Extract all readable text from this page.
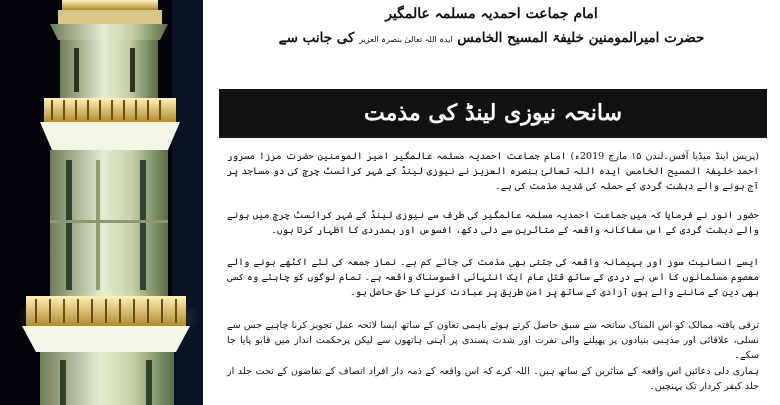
امام جماعت احمدیہ مسلمہ عالمگیر
حضرت امیرالمومنین خلیفۃ المسیح الخامس ایدہ اللہ تعالیٰ بنصرہ العزیز کی جانب سے
سانحہ نیوزی لینڈ کی مذمت

(پریس اینڈ میڈیا آفس۔لندن ۱۵ مارچ 2019ء) امام جماعت احمدیہ مسلمہ عالمگیر امیر المومنین حضرت مرزا مسرور احمد خلیفۃ المسیح الخامس ایدہ اللہ تعالیٰ بنصرہ العزیز نے نیوزی لینڈ کے شہر کرائسٹ چرچ کی دو مساجد پر آج ہونے والے دہشت گردی کے حملہ کی شدید مذمت کی ہے۔

حضور انور نے فرمایا کہ میں جماعت احمدیہ مسلمہ عالمگیر کی طرف سے نیوزی لینڈ کے شہر کرائسٹ چرچ میں ہونے والے دہشت گردی کے اس سفاکانہ واقعہ کے متاثرین سے دلی دکھ، افسوس اور ہمدردی کا اظہار کرتا ہوں۔

ایسے انسانیت سوز اور بہیمانہ واقعہ کی جتنی بھی مذمت کی جائے کم ہے۔ نماز جمعہ کی لئے اکٹھے ہونے والے معصوم مسلمانوں کا اس بے دردی کے ساتھ قتل عام ایک انتہائی افسوسناک واقعہ ہے۔ تمام لوگوں کو چاہئے وہ کسی بھی دین کے ماننے والے ہوں آزادی کے ساتھ پر امن طریق پر عبادت کرنے کا حق حاصل ہو۔

ترقی یافتہ ممالک کو اس المناک سانحہ سے سبق حاصل کرتے ہوئے باہمی تعاون کے ساتھ ایسا لائحہ عمل تجویز کرنا چاہیے جس سے نسلی، علاقائی اور مذہبی بنیادوں پر پھیلنے والی نفرت اور شدت پسندی پر آہنی ہاتھوں سے لیکن پرحکمت انداز میں قابو پایا جا سکے۔

ہماری دلی دعائیں اس واقعہ کے متاثرین کے ساتھ ہیں۔ اللہ کرے کہ اس واقعہ کے ذمہ دار افراد انصاف کے تقاضوں کے تحت جلد از جلد کیفر کردار تک پہنچیں۔
